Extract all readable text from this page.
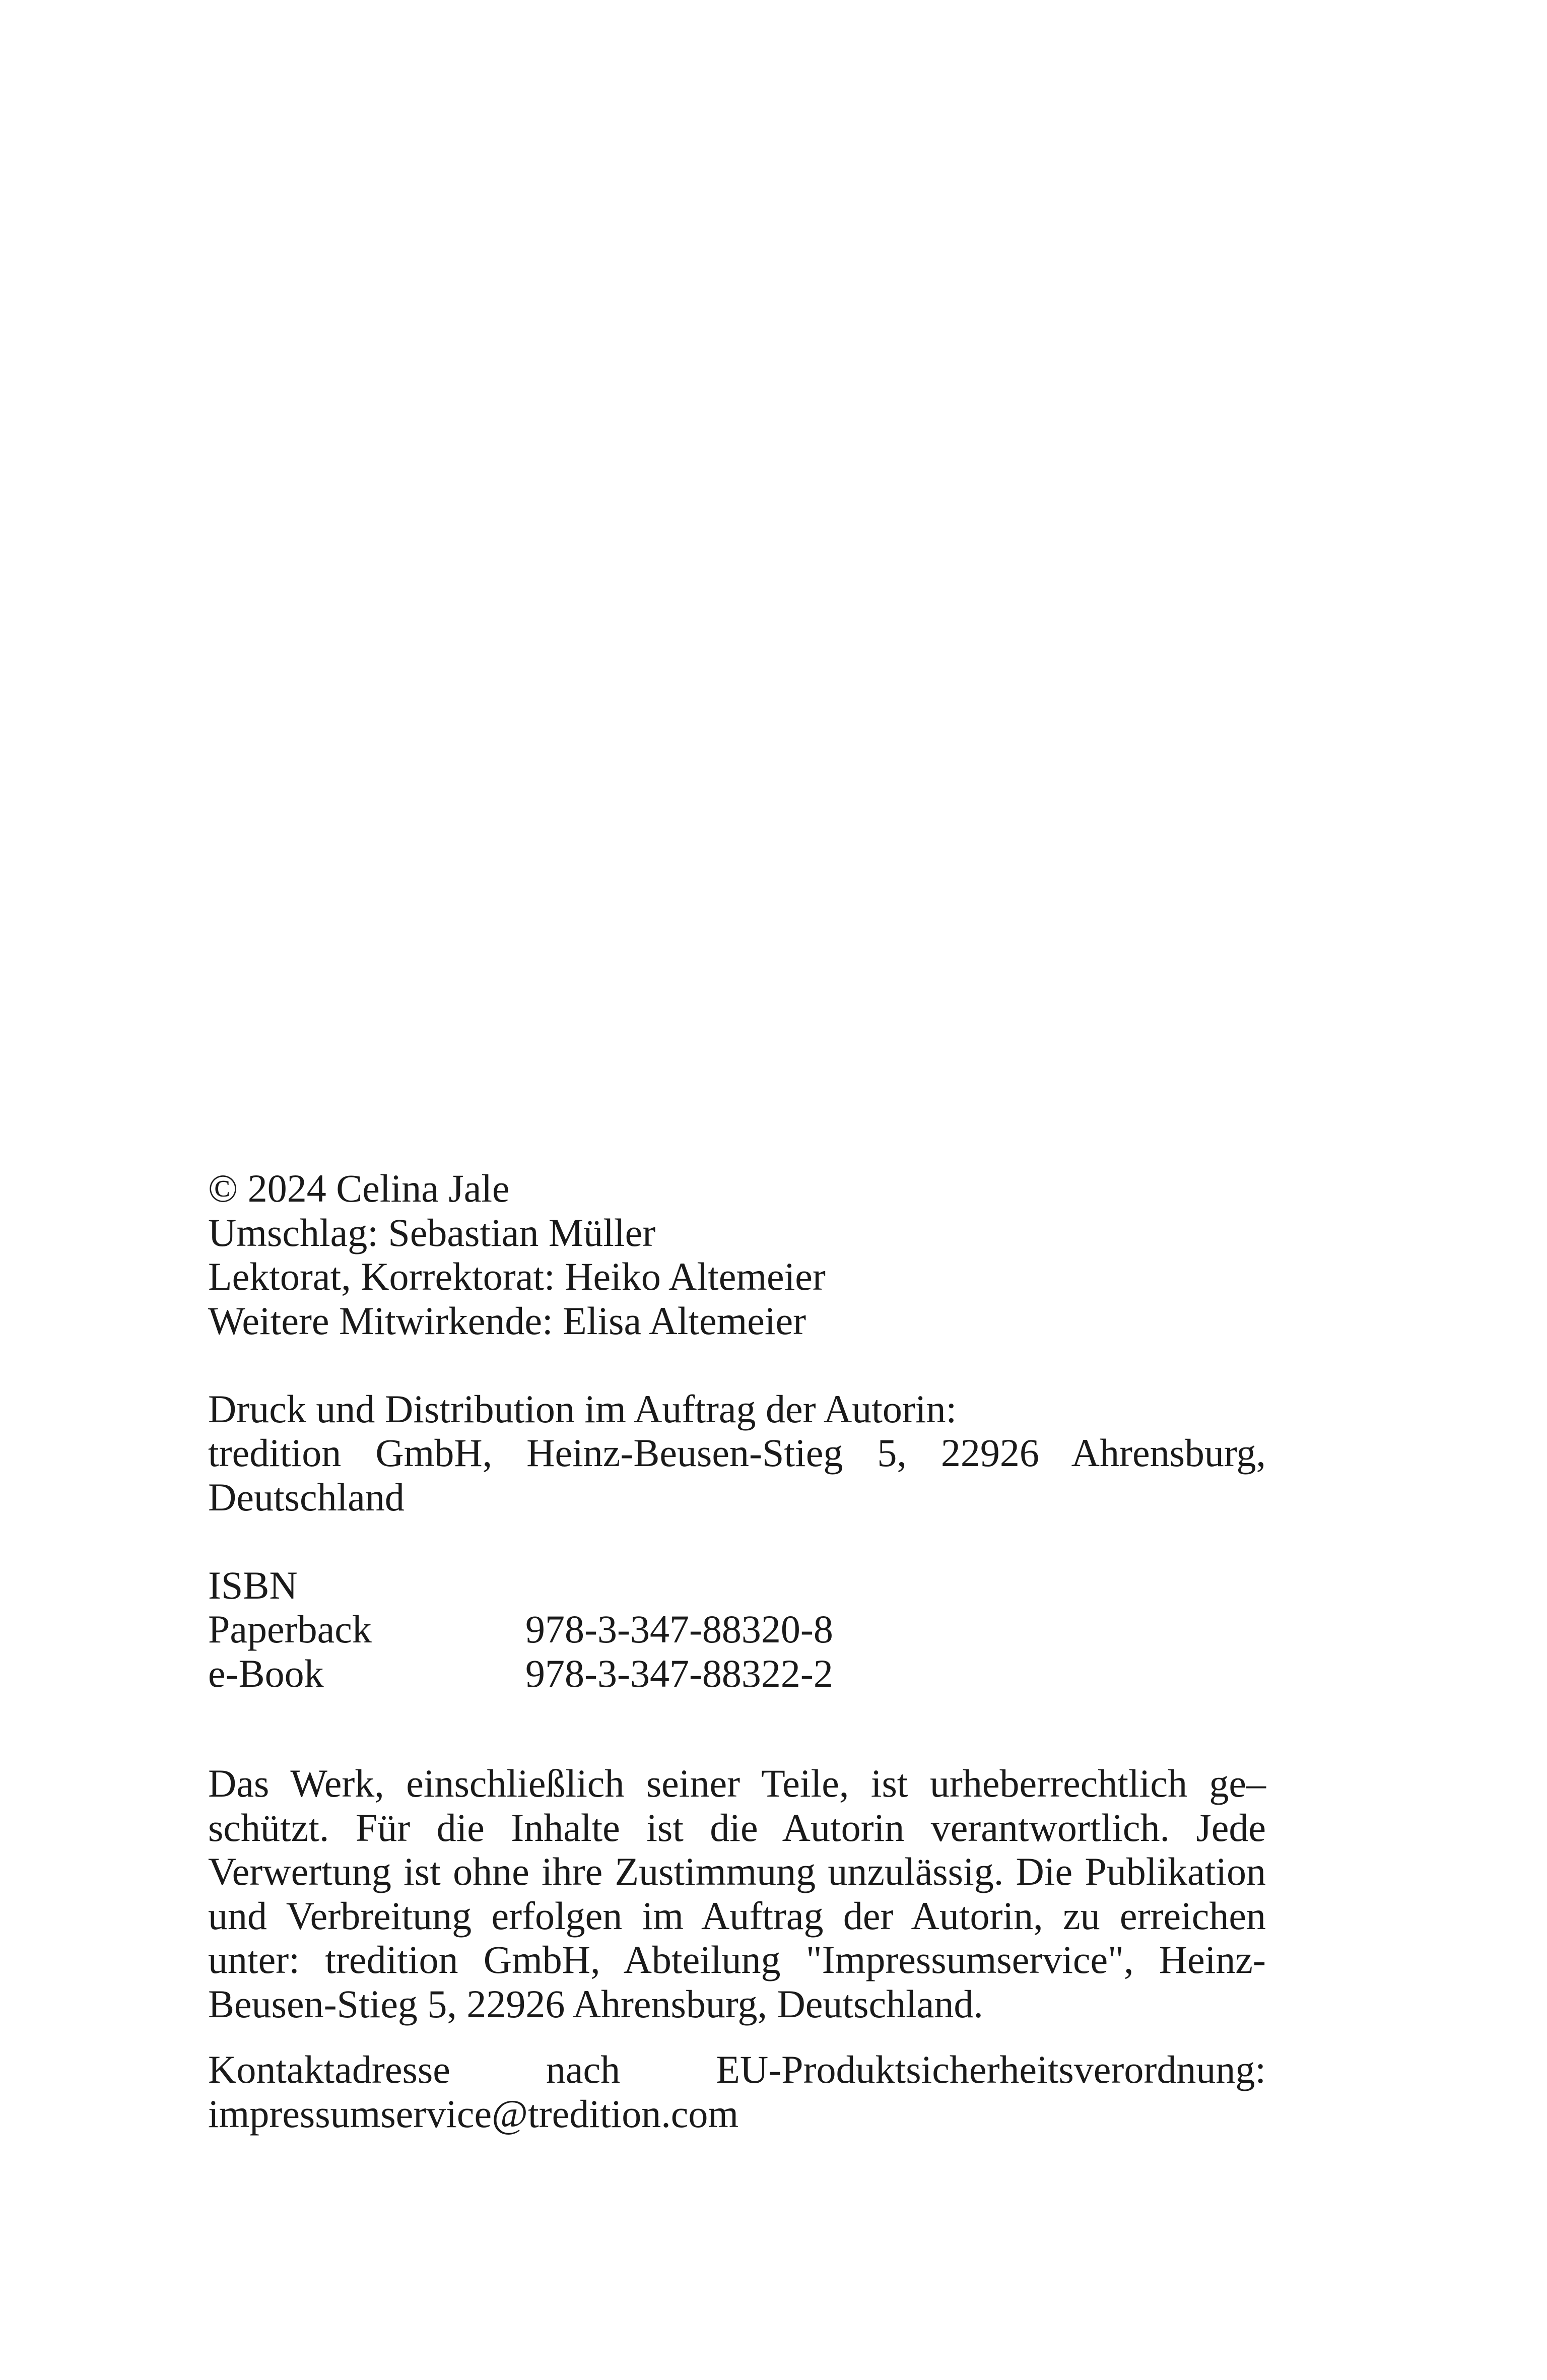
© 2024 Celina Jale
Umschlag: Sebastian Müller
Lektorat, Korrektorat: Heiko Altemeier
Weitere Mitwirkende: Elisa Altemeier
Druck und Distribution im Auftrag der Autorin:
tredition GmbH, Heinz-Beusen-Stieg 5, 22926 Ahrensburg,
Deutschland
ISBN
Paperback	978-3-347-88320-8
e-Book	978-3-347-88322-2
Das Werk, einschließlich seiner Teile, ist urheberrechtlich ge–
schützt. Für die Inhalte ist die Autorin verantwortlich. Jede
Verwertung ist ohne ihre Zustimmung unzulässig. Die Publikation
und Verbreitung erfolgen im Auftrag der Autorin, zu erreichen
unter: tredition GmbH, Abteilung "Impressumservice", Heinz-
Beusen-Stieg 5, 22926 Ahrensburg, Deutschland.
Kontaktadresse nach EU-Produktsicherheitsverordnung:
impressumservice@tredition.com
